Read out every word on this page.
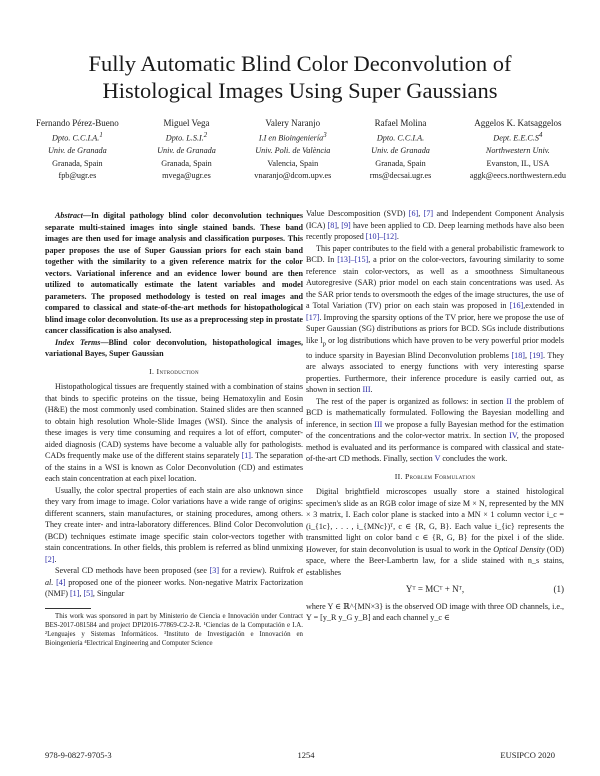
Fully Automatic Blind Color Deconvolution of
Histological Images Using Super Gaussians
Fernando Pérez-Bueno
Dpto. C.C.I.A.$^1$
Univ. de Granada
Granada, Spain
fpb@ugr.es
Miguel Vega
Dpto. L.S.I.$^2$
Univ. de Granada
Granada, Spain
mvega@ugr.es
Valery Naranjo
I.I en Bioingeniería$^3$
Univ. Poli. de València
Valencia, Spain
vnaranjo@dcom.upv.es
Rafael Molina
Dpto. C.C.I.A.
Univ. de Granada
Granada, Spain
rms@decsai.ugr.es
Aggelos K. Katsaggelos
Dept. $E.E.C.S^4$
Northwestern Univ.
Evanston, IL, USA
aggk@eecs.northwestern.edu

Abstract—In digital pathology blind color deconvolution techniques separate multi-stained images into single stained bands. These band images are then used for image analysis and classification purposes. This paper proposes the use of Super Gaussian priors for each stain band together with the similarity to a given reference matrix for the color vectors. Variational inference and an evidence lower bound are then utilized to automatically estimate the latent variables and model parameters. The proposed methodology is tested on real images and compared to classical and state-of-the-art methods for histopathological blind image color deconvolution. Its use as a preprocessing step in prostate cancer classification is also analysed.

Index Terms—Blind color deconvolution, histopathological images, variational Bayes, Super Gaussian

I. Introduction

Histopathological tissues are frequently stained with a combination of stains that binds to specific proteins on the tissue, being Hematoxylin and Eosin (H&E) the most commonly used combination. Stained slides are then scanned to obtain high resolution Whole-Slide Images (WSI). Since the analysis of these images is very time consuming and requires a lot of effort, computer-aided diagnosis (CAD) systems have become a valuable ally for pathologists. CADs frequently make use of the different stains separately [1]. The separation of the stains in a WSI is known as Color Deconvolution (CD) and estimates each stain concentration at each pixel location.

Usually, the color spectral properties of each stain are also unknown since they vary from image to image. Color variations have a wide range of origins: different scanners, stain manufactures, or staining procedures, among others. They create inter- and intra-laboratory differences. Blind Color Deconvolution (BCD) techniques estimate image specific stain color-vectors together with stain concentrations. In other fields, this problem is referred as blind unmixing [2].

Several CD methods have been proposed (see [3] for a review). Ruifrok et al. [4] proposed one of the pioneer works. Non-negative Matrix Factorization (NMF) [1], [5], Singular

This work was sponsored in part by Ministerio de Ciencia e Innovación under Contract BES-2017-081584 and project DPI2016-77869-C2-2-R. ¹Ciencias de la Computación e I.A. ²Lenguajes y Sistemas Informáticos. ³Instituto de Investigación e Innovación en Bioingeniería ⁴Electrical Engineering and Computer Science

Value Descomposition (SVD) [6], [7] and Independent Component Analysis (ICA) [8], [9] have been applied to CD. Deep learning methods have also been recently proposed [10]–[12].

This paper contributes to the field with a general probabilistic framework to BCD. In [13]–[15], a prior on the color-vectors, favouring similarity to some reference stain color-vectors, as well as a smoothness Simultaneous Autoregresive (SAR) prior model on each stain concentrations was used. As the SAR prior tends to oversmooth the edges of the image structures, the use of a Total Variation (TV) prior on each stain was proposed in [16],extended in [17]. Improving the sparsity options of the TV prior, here we propose the use of Super Gaussian (SG) distributions as priors for BCD. SGs include distributions like $l_p$ or log distributions which have proven to be very powerful prior models to induce sparsity in Bayesian Blind Deconvolution problems [18], [19]. They are always associated to energy functions with very interesting sparse properties. Furthermore, their inference procedure is easily carried out, as shown in section III.

The rest of the paper is organized as follows: in section II the problem of BCD is mathematically formulated. Following the Bayesian modelling and inference, in section III we propose a fully Bayesian method for the estimation of the concentrations and the color-vector matrix. In section IV, the proposed method is evaluated and its performance is compared with classical and state-of-the-art CD methods. Finally, section V concludes the work.

II. Problem Formulation

Digital brightfield microscopes usually store a stained histological specimen's slide as an RGB color image of size M × N, represented by the MN × 3 matrix, I. Each color plane is stacked into a MN × 1 column vector i_c = (i_{1c}, . . . , i_{MNc})ᵀ, c ∈ {R, G, B}. Each value i_{ic} represents the transmitted light on color band c ∈ {R, G, B} for the pixel i of the slide. However, for stain deconvolution is usual to work in the Optical Density (OD) space, where the Beer-Lambertn law, for a slide stained with n_s stains, establishes

Yᵀ = MCᵀ + Nᵀ,	(1)

where Y ∈ ℝ^{MN×3} is the observed OD image with three OD channels, i.e., Y = [y_R y_G y_B] and each channel y_c ∈

978-9-0827-9705-3	1254	EUSIPCO 2020
